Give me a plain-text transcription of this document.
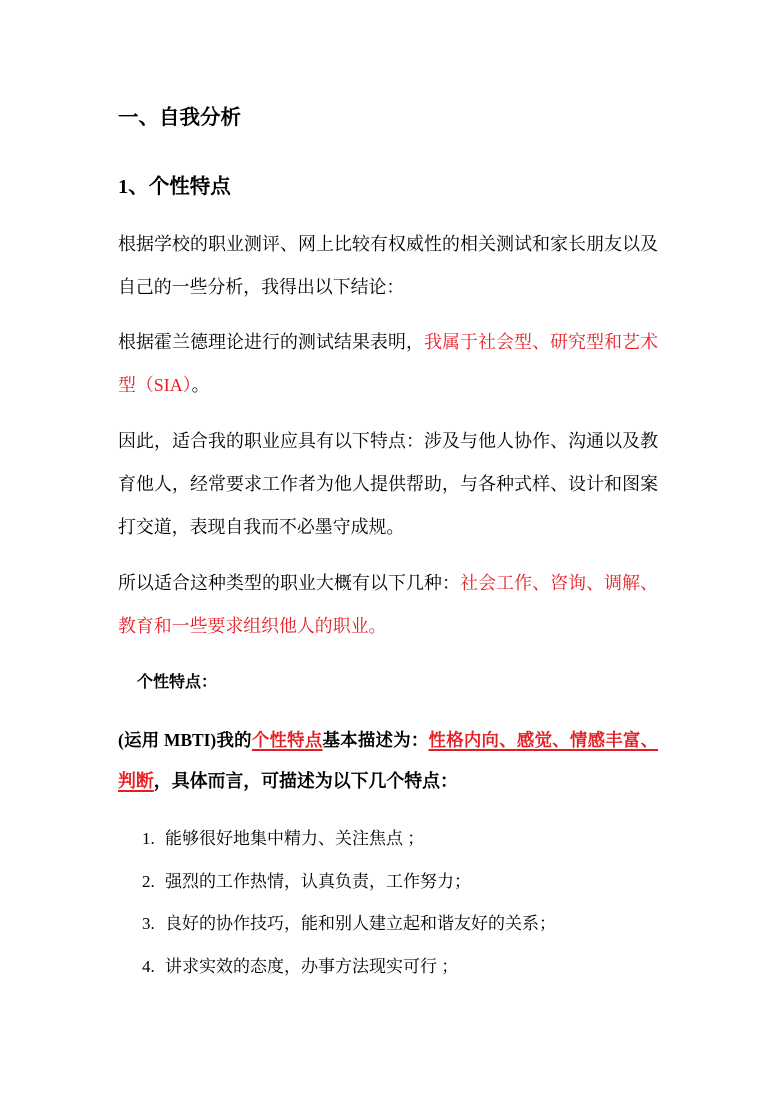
一、自我分析
1、个性特点
根据学校的职业测评、网上比较有权威性的相关测试和家长朋友以及
自己的一些分析，我得出以下结论：
根据霍兰德理论进行的测试结果表明，我属于社会型、研究型和艺术
型（SIA）。
因此，适合我的职业应具有以下特点：涉及与他人协作、沟通以及教
育他人，经常要求工作者为他人提供帮助，与各种式样、设计和图案
打交道，表现自我而不必墨守成规。
所以适合这种类型的职业大概有以下几种：社会工作、咨询、调解、
教育和一些要求组织他人的职业。
个性特点：
(运用 MBTI)我的个性特点基本描述为：性格内向、感觉、情感丰富、
判断，具体而言，可描述为以下几个特点：
1. 能够很好地集中精力、关注焦点 ；
2. 强烈的工作热情，认真负责，工作努力；
3. 良好的协作技巧，能和别人建立起和谐友好的关系；
4. 讲求实效的态度，办事方法现实可行 ；
